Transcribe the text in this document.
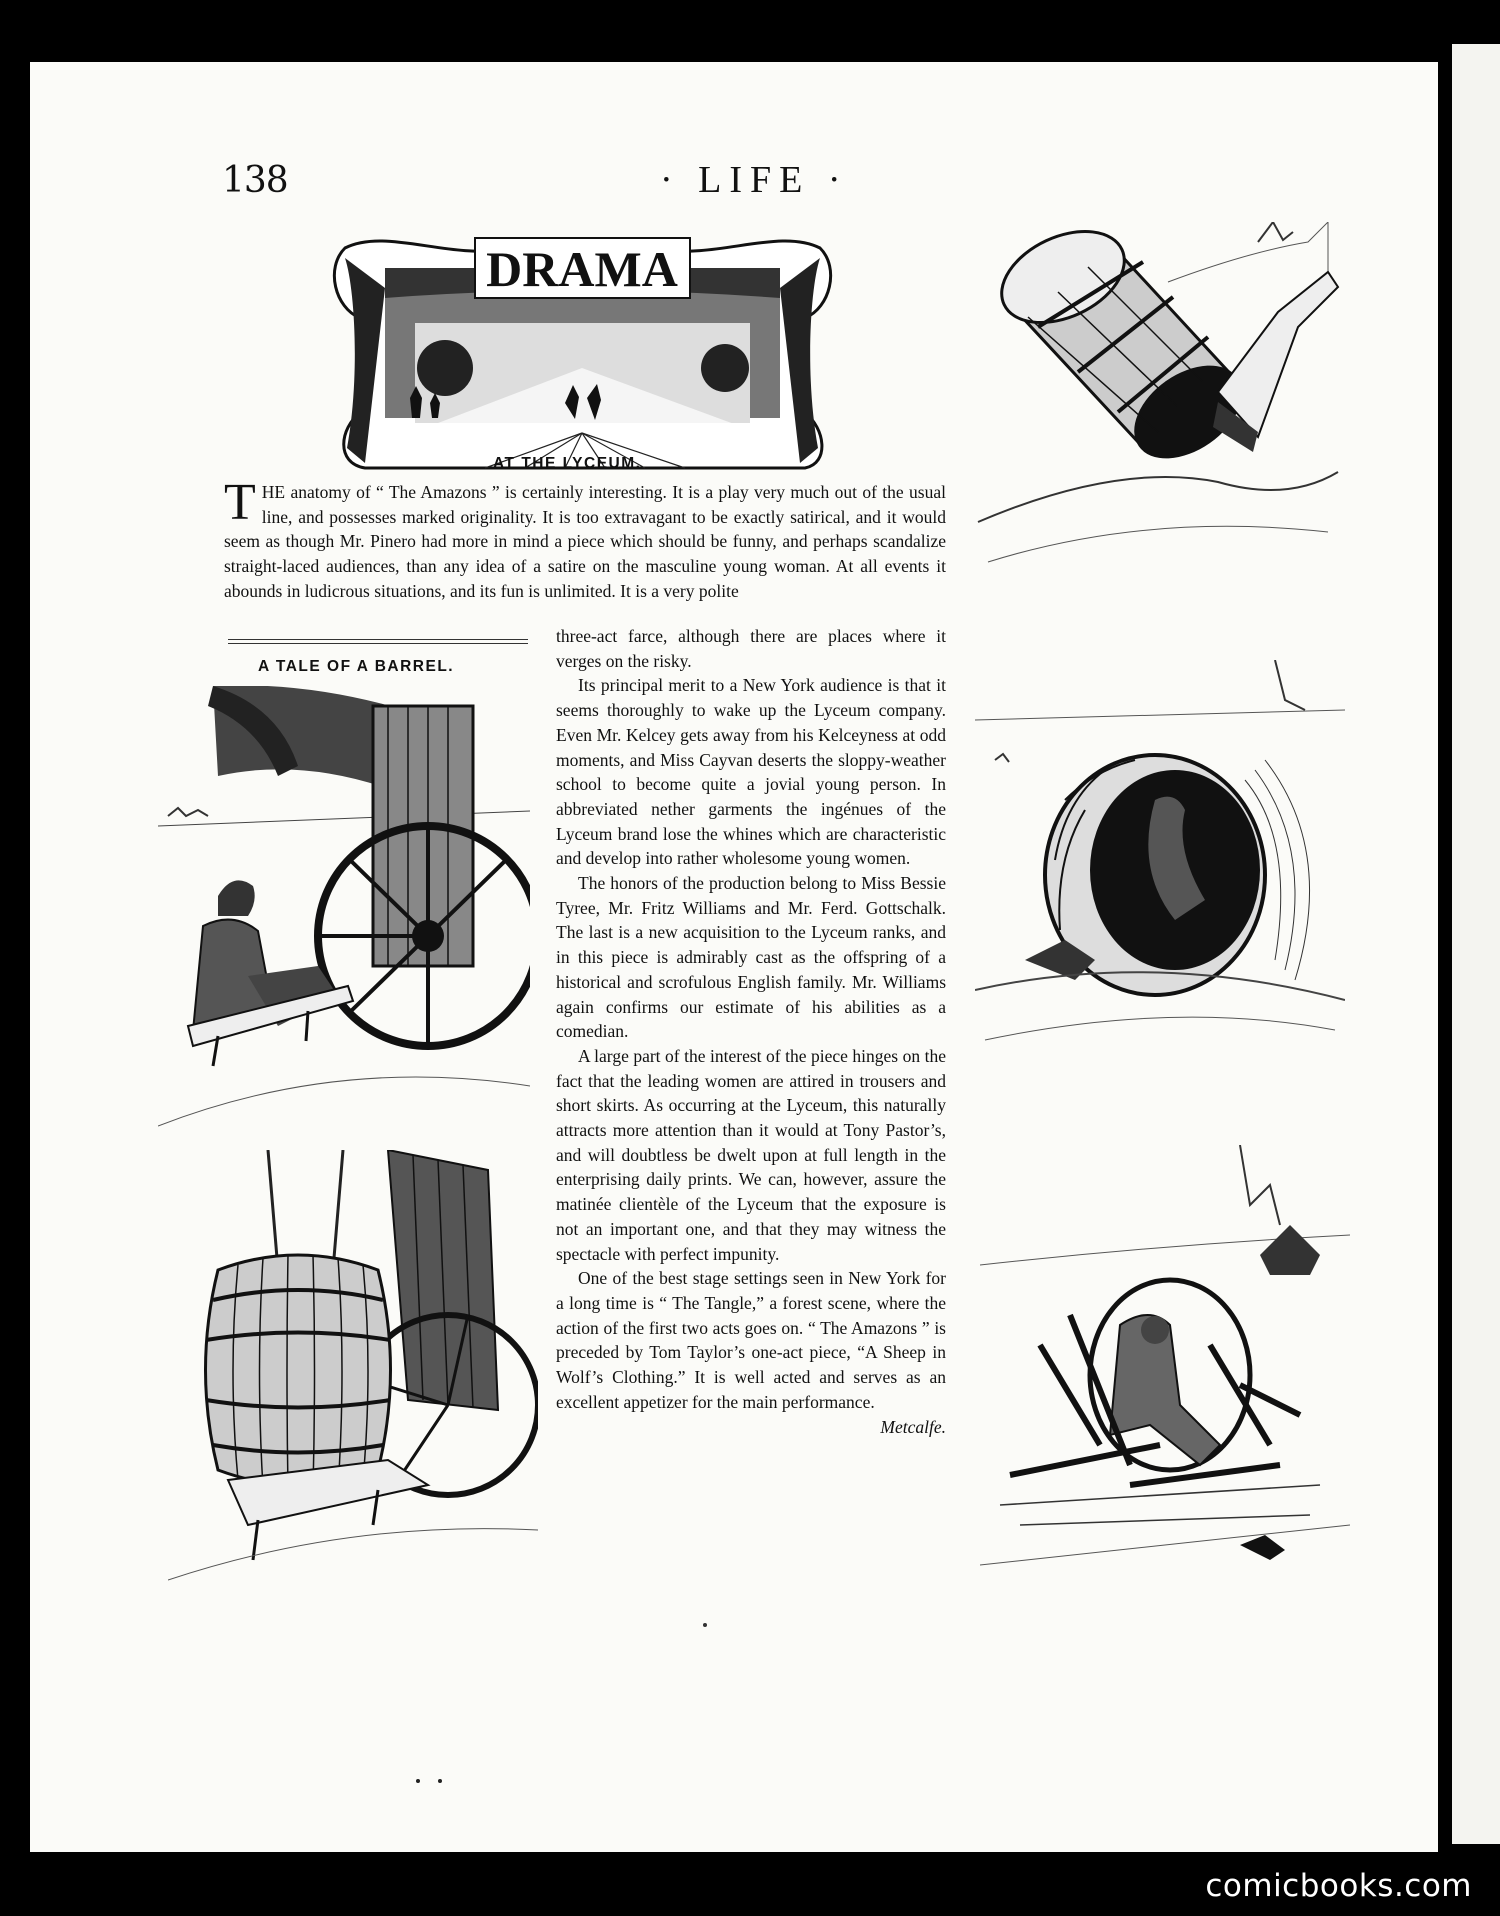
138	· LIFE ·
DRAMA
AT THE LYCEUM.
THE anatomy of “ The Amazons ” is certainly interesting. It is a play very much out of the usual line, and possesses marked originality. It is too extravagant to be exactly satirical, and it would seem as though Mr. Pinero had more in mind a piece which should be funny, and perhaps scandalize straight-laced audiences, than any idea of a satire on the masculine young woman. At all events it abounds in ludicrous situations, and its fun is unlimited. It is a very polite
A TALE OF A BARREL.

three-act farce, although there are places where it verges on the risky.

Its principal merit to a New York audience is that it seems thoroughly to wake up the Lyceum company. Even Mr. Kelcey gets away from his Kelceyness at odd moments, and Miss Cayvan deserts the sloppy-weather school to become quite a jovial young person. In abbreviated nether garments the ingénues of the Lyceum brand lose the whines which are characteristic and develop into rather wholesome young women.

The honors of the production belong to Miss Bessie Tyree, Mr. Fritz Williams and Mr. Ferd. Gottschalk. The last is a new acquisition to the Lyceum ranks, and in this piece is admirably cast as the offspring of a historical and scrofulous English family. Mr. Williams again confirms our estimate of his abilities as a comedian.

A large part of the interest of the piece hinges on the fact that the leading women are attired in trousers and short skirts. As occurring at the Lyceum, this naturally attracts more attention than it would at Tony Pastor’s, and will doubtless be dwelt upon at full length in the enterprising daily prints. We can, however, assure the matinée clientèle of the Lyceum that the exposure is not an important one, and that they may witness the spectacle with perfect impunity.

One of the best stage settings seen in New York for a long time is “ The Tangle,” a forest scene, where the action of the first two acts goes on. “ The Amazons ” is preceded by Tom Taylor’s one-act piece, “A Sheep in Wolf’s Clothing.” It is well acted and serves as an excellent appetizer for the main performance.
Metcalfe.

comicbooks.com
